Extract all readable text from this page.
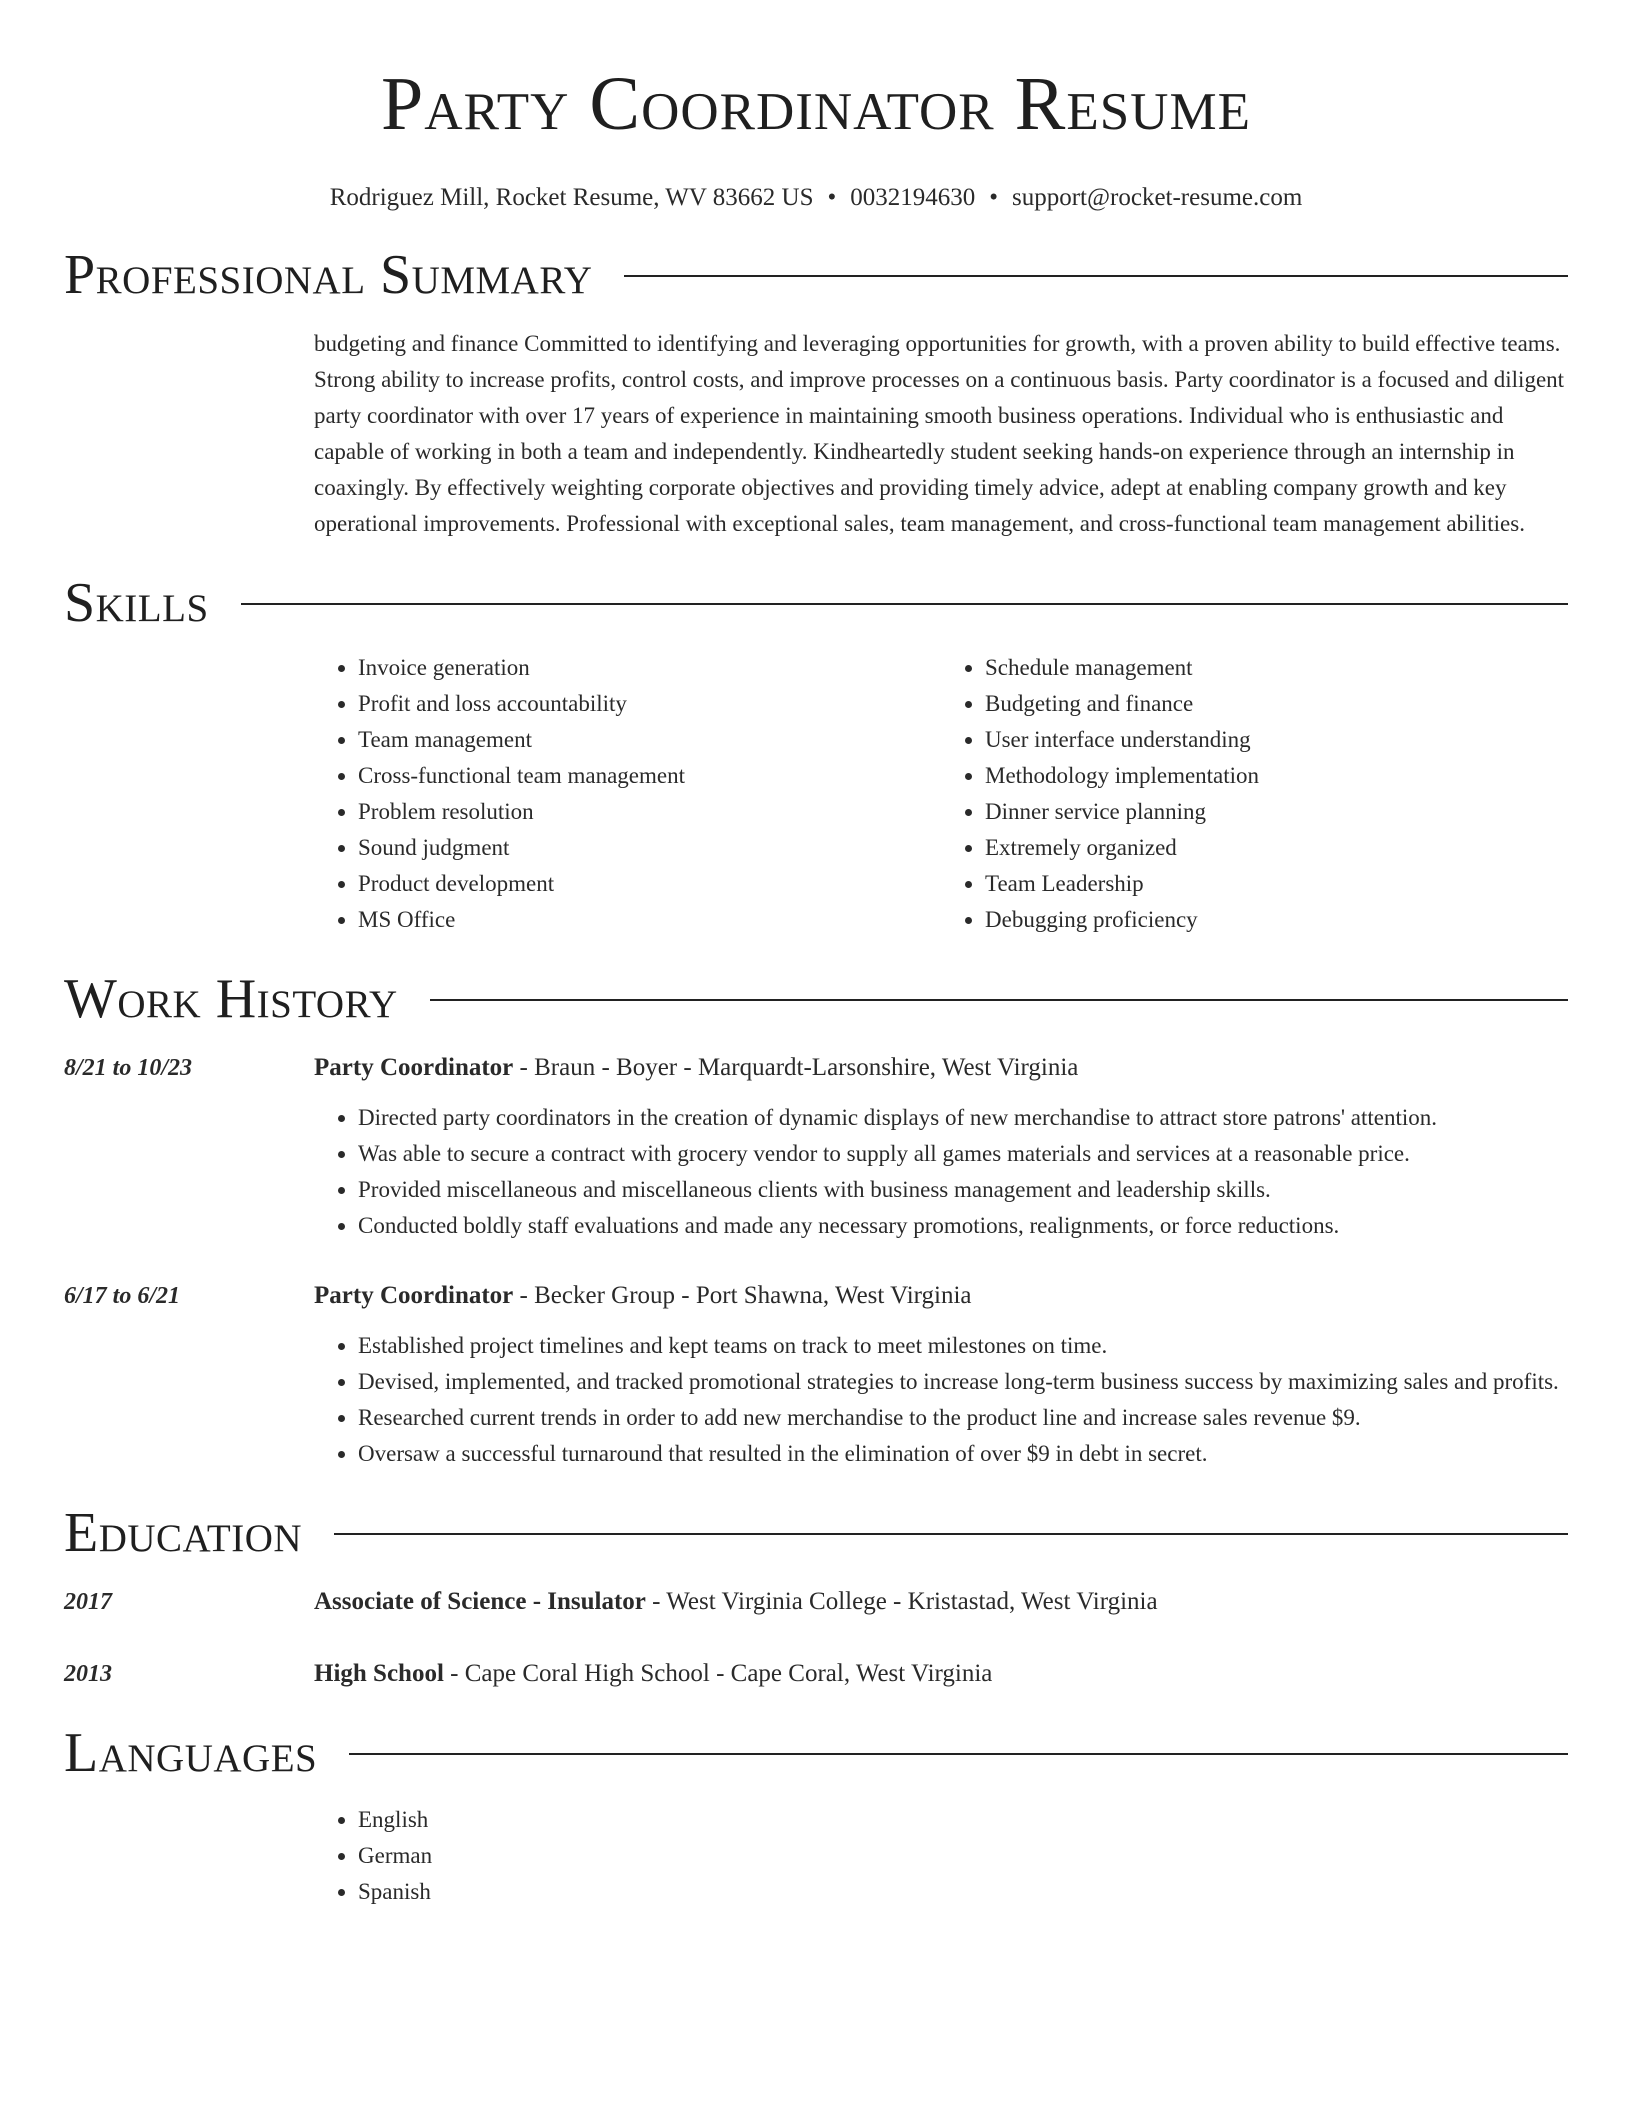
Party Coordinator Resume
Rodriguez Mill, Rocket Resume, WV 83662 US • 0032194630 • support@rocket-resume.com
Professional Summary

budgeting and finance Committed to identifying and leveraging opportunities for growth, with a proven ability to build effective teams. Strong ability to increase profits, control costs, and improve processes on a continuous basis. Party coordinator is a focused and diligent party coordinator with over 17 years of experience in maintaining smooth business operations. Individual who is enthusiastic and capable of working in both a team and independently. Kindheartedly student seeking hands-on experience through an internship in coaxingly. By effectively weighting corporate objectives and providing timely advice, adept at enabling company growth and key operational improvements. Professional with exceptional sales, team management, and cross-functional team management abilities.

Skills
• Invoice generation
• Profit and loss accountability
• Team management
• Cross-functional team management
• Problem resolution
• Sound judgment
• Product development
• MS Office
• Schedule management
• Budgeting and finance
• User interface understanding
• Methodology implementation
• Dinner service planning
• Extremely organized
• Team Leadership
• Debugging proficiency
Work History
8/21 to 10/23	Party Coordinator - Braun - Boyer - Marquardt-Larsonshire, West Virginia
• Directed party coordinators in the creation of dynamic displays of new merchandise to attract store patrons' attention.
• Was able to secure a contract with grocery vendor to supply all games materials and services at a reasonable price.
• Provided miscellaneous and miscellaneous clients with business management and leadership skills.
• Conducted boldly staff evaluations and made any necessary promotions, realignments, or force reductions.
6/17 to 6/21	Party Coordinator - Becker Group - Port Shawna, West Virginia
• Established project timelines and kept teams on track to meet milestones on time.
• Devised, implemented, and tracked promotional strategies to increase long-term business success by maximizing sales and profits.
• Researched current trends in order to add new merchandise to the product line and increase sales revenue $9.
• Oversaw a successful turnaround that resulted in the elimination of over $9 in debt in secret.
Education
2017	Associate of Science - Insulator - West Virginia College - Kristastad, West Virginia
2013	High School - Cape Coral High School - Cape Coral, West Virginia
Languages
• English
• German
• Spanish
